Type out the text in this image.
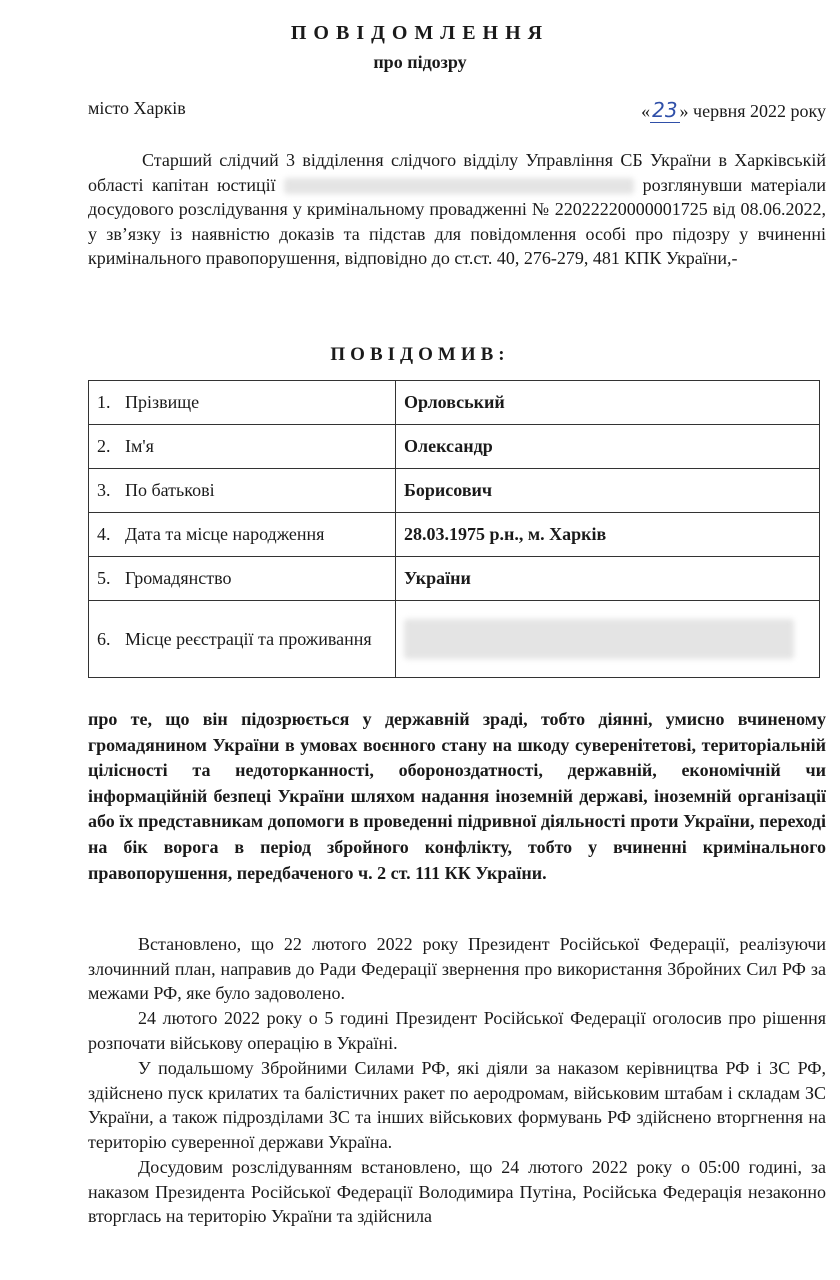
ПОВІДОМЛЕННЯ
про підозру
місто Харків	« 23 » червня 2022 року
Старший слідчий 3 відділення слідчого відділу Управління СБ України в Харківській області капітан юстиції	розглянувши матеріали досудового розслідування у кримінальному провадженні № 22022220000001725 від 08.06.2022, у зв’язку із наявністю доказів та підстав для повідомлення особі про підозру у вчиненні кримінального правопорушення, відповідно до ст.ст. 40, 276-279, 481 КПК України,-
ПОВІДОМИВ:
1. Прізвище	Орловський
2. Ім'я	Олександр
3. По батькові	Борисович
4. Дата та місце народження	28.03.1975 р.н., м. Харків
5. Громадянство	України
6. Місце реєстрації та проживання	
про те, що він підозрюється у державній зраді, тобто діянні, умисно вчиненому громадянином України в умовах воєнного стану на шкоду суверенітетові, територіальній цілісності та недоторканності, обороноздатності, державній, економічній чи інформаційній безпеці України шляхом надання іноземній державі, іноземній організації або їх представникам допомоги в проведенні підривної діяльності проти України, переході на бік ворога в період збройного конфлікту, тобто у вчиненні кримінального правопорушення, передбаченого ч. 2 ст. 111 КК України.
Встановлено, що 22 лютого 2022 року Президент Російської Федерації, реалізуючи злочинний план, направив до Ради Федерації звернення про використання Збройних Сил РФ за межами РФ, яке було задоволено.
24 лютого 2022 року о 5 годині Президент Російської Федерації оголосив про рішення розпочати військову операцію в Україні.
У подальшому Збройними Силами РФ, які діяли за наказом керівництва РФ і ЗС РФ, здійснено пуск крилатих та балістичних ракет по аеродромам, військовим штабам і складам ЗС України, а також підрозділами ЗС та інших військових формувань РФ здійснено вторгнення на територію суверенної держави Україна.
Досудовим розслідуванням встановлено, що 24 лютого 2022 року о 05:00 годині, за наказом Президента Російської Федерації Володимира Путіна, Російська Федерація незаконно вторглась на територію України та здійснила
